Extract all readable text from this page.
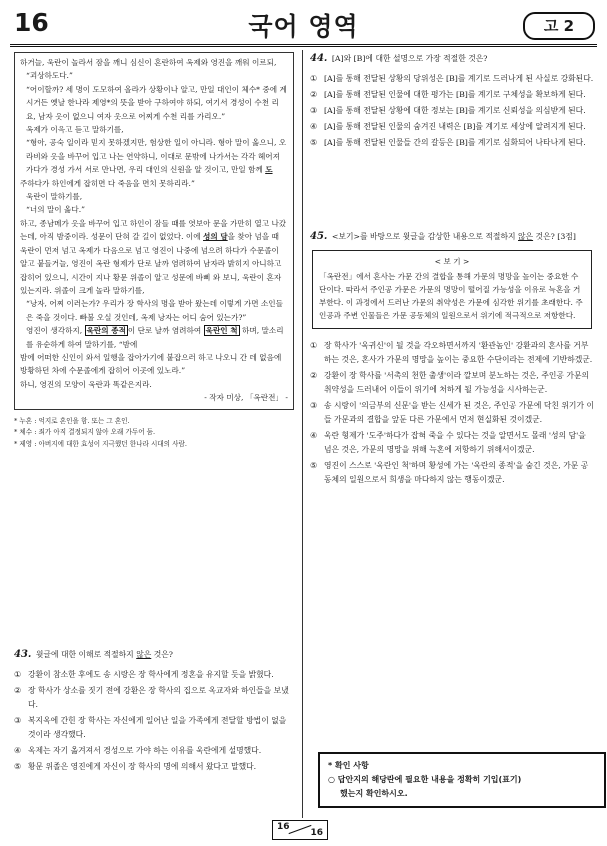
16	국어 영역	고 2

하거늘, 욱란이 놀라서 잠을 깨니 심신이 혼란하여 옥제와 영진을 깨워 이르되,

“괴상하도다.”

“어이할까? 세 명이 도모하여 올라가 상황이나 알고, 만일 대인이 체수* 중에 계시거든 옛날 한나라 제영*의 뜻을 받아 구하여야 하되, 여기서 경성이 수천 리요, 남자 옷이 없으니 여자 옷으로 어찌게 수천 리를 가리오.”

옥제가 이윽고 듣고 말하기를,

“형아, 공숙 일이라 믿지 못하겠지만, 험상한 일이 아니라. 형아 말이 옳으니, 오라비와 옷을 바꾸어 입고 나는 연약하니, 이대로 문밖에 나가서는 각각 헤어져 가다가 경성 가서 서로 만나면, 우리 대인의 신원을 알 것이고, 만일 함께 도

주하다가 하인에게 잡히면 다 죽음을 면치 못하리라.”

욱란이 말하기를,

“너의 말이 옳다.”

하고, 종남메가 옷을 바꾸어 입고 하인이 잠들 때를 엿보아 문을 가만히 열고 나갔는데, 아직 밤중이라. 성문이 단혀 갈 길이 없었다. 이에 성의 담을 찾아 넘을 때 욱란이 먼저 넘고 옥제가 다음으로 넘고 영진이 나중에 넘으려 하다가 수문졸이 알고 붙들거늘, 영진이 옥란 형제가 단로 날까 염려하여 남자라 밝히지 아니하고 잡히어 있으니, 시간이 지나 황문 위졸이 알고 성문에 바삐 와 보니, 욱란이 혼자 있는지라. 위졸이 크게 놀라 말하기를,

“낭자, 어찌 이러는가? 우리가 장 학사의 명을 받아 왔는데 이렇게 가면 소인들은 죽을 것이다. 빠불 오실 것인데, 옥제 낭자는 어디 숨어 있는가?”

영진이 생각하지, 욱란의 종적 이 단로 날까 염려하여 욱란인 척 하며, 말소리를 유순하게 하여 말하기를, “밤에

밤에 어떠한 신인이 와서 일행을 잡아가기에 붙잡으러 하고 나오니 간 데 없음에 방황하던 차에 수문졸에게 잡히어 이곳에 있노라.”

하니, 영진의 모양이 욱란과 똑같은지라.

- 작자 미상, 「옥란전」 -

* 누혼 : 억지로 혼인을 함. 또는 그 혼인.
* 체수 : 죄가 아직 결정되지 않아 오래 가두어 둠.
* 제영 : 아버지에 대한 효성이 지극했던 한나라 시대의 사람.
43. 윗글에 대한 이해로 적절하지 않은 것은?
① 강환이 참소한 후에도 송 시랑은 장 학사에게 정혼을 유지할 듯을 밝혔다.
② 장 학사가 상소를 짓기 전에 강환은 장 학사의 집으로 옥교자와 하인들을 보냈다.
③ 복지옥에 간힌 장 학사는 자신에게 일어난 일을 가족에게 전달할 방법이 없을 것이라 생각했다.
④ 옥제는 자기 옮겨져서 경성으로 가야 하는 이유를 욱란에게 설명했다.
⑤ 황문 위졸은 영진에게 자신이 장 학사의 명에 의해서 왔다고 말했다.
44. [A]와 [B]에 대한 설명으로 가장 적절한 것은?
① [A]를 통해 전달된 상황의 당위성은 [B]를 계기로 드러나게 된 사실로 강화된다.
② [A]를 통해 전달된 인물에 대한 평가는 [B]를 계기로 구체성을 확보하게 된다.
③ [A]를 통해 전달된 상황에 대한 정보는 [B]를 계기로 신뢰성을 의심받게 된다.
④ [A]를 통해 전달된 인물의 숨겨진 내력은 [B]를 계기로 세상에 알려지게 된다.
⑤ [A]를 통해 전달된 인물들 간의 갈등은 [B]를 계기로 심화되어 나타나게 된다.
45. <보기>를 바탕으로 윗글을 감상한 내용으로 적절하지 않은 것은? [3점]
< 보 기 >
「옥란전」에서 혼사는 가문 간의 결합을 통해 가문의 명망을 높이는 중요한 수단이다. 따라서 주인공 가문은 가문의 명망이 떨어질 가능성을 이유로 늑혼을 거부한다. 이 과정에서 드러난 가문의 취약성은 가문에 심각한 위기를 초래한다. 주인공과 주변 인물들은 가문 공동체의 일원으로서 위기에 적극적으로 저항한다.
① 장 학사가 '욱귀신'이 될 것을 각오하면서까지 '환관놈인' 강환과의 혼사를 거부하는 것은, 혼사가 가문의 명망을 높이는 중요한 수단이라는 전제에 기반하겠군.
② 강환이 장 학사를 '서촉의 천한 출생'이라 깔보며 분노하는 것은, 주인공 가문의 취약성을 드러내어 이들이 위기에 처하게 될 가능성을 시사하는군.
③ 송 시랑이 '의금부의 신문'을 받는 신세가 된 것은, 주인공 가문에 닥친 위기가 이들 가문과의 결합을 앞둔 다른 가문에서 먼저 현실화된 것이겠군.
④ 욱란 형제가 '도주'하다가 잡혀 죽을 수 있다는 것을 알면서도 몰래 '성의 담'을 넘은 것은, 가문의 명망을 위해 늑혼에 저항하기 위해서이겠군.
⑤ 영진이 스스로 '욱란인 척'하며 황성에 가는 '욱란의 종적'을 숨긴 것은, 가문 공동체의 일원으로서 희생을 마다하지 않는 행동이겠군.
* 확인 사항
○ 답안지의 해당란에 필요한 내용을 정확히 기입(표기)
했는지 확인하시오.
16
16
